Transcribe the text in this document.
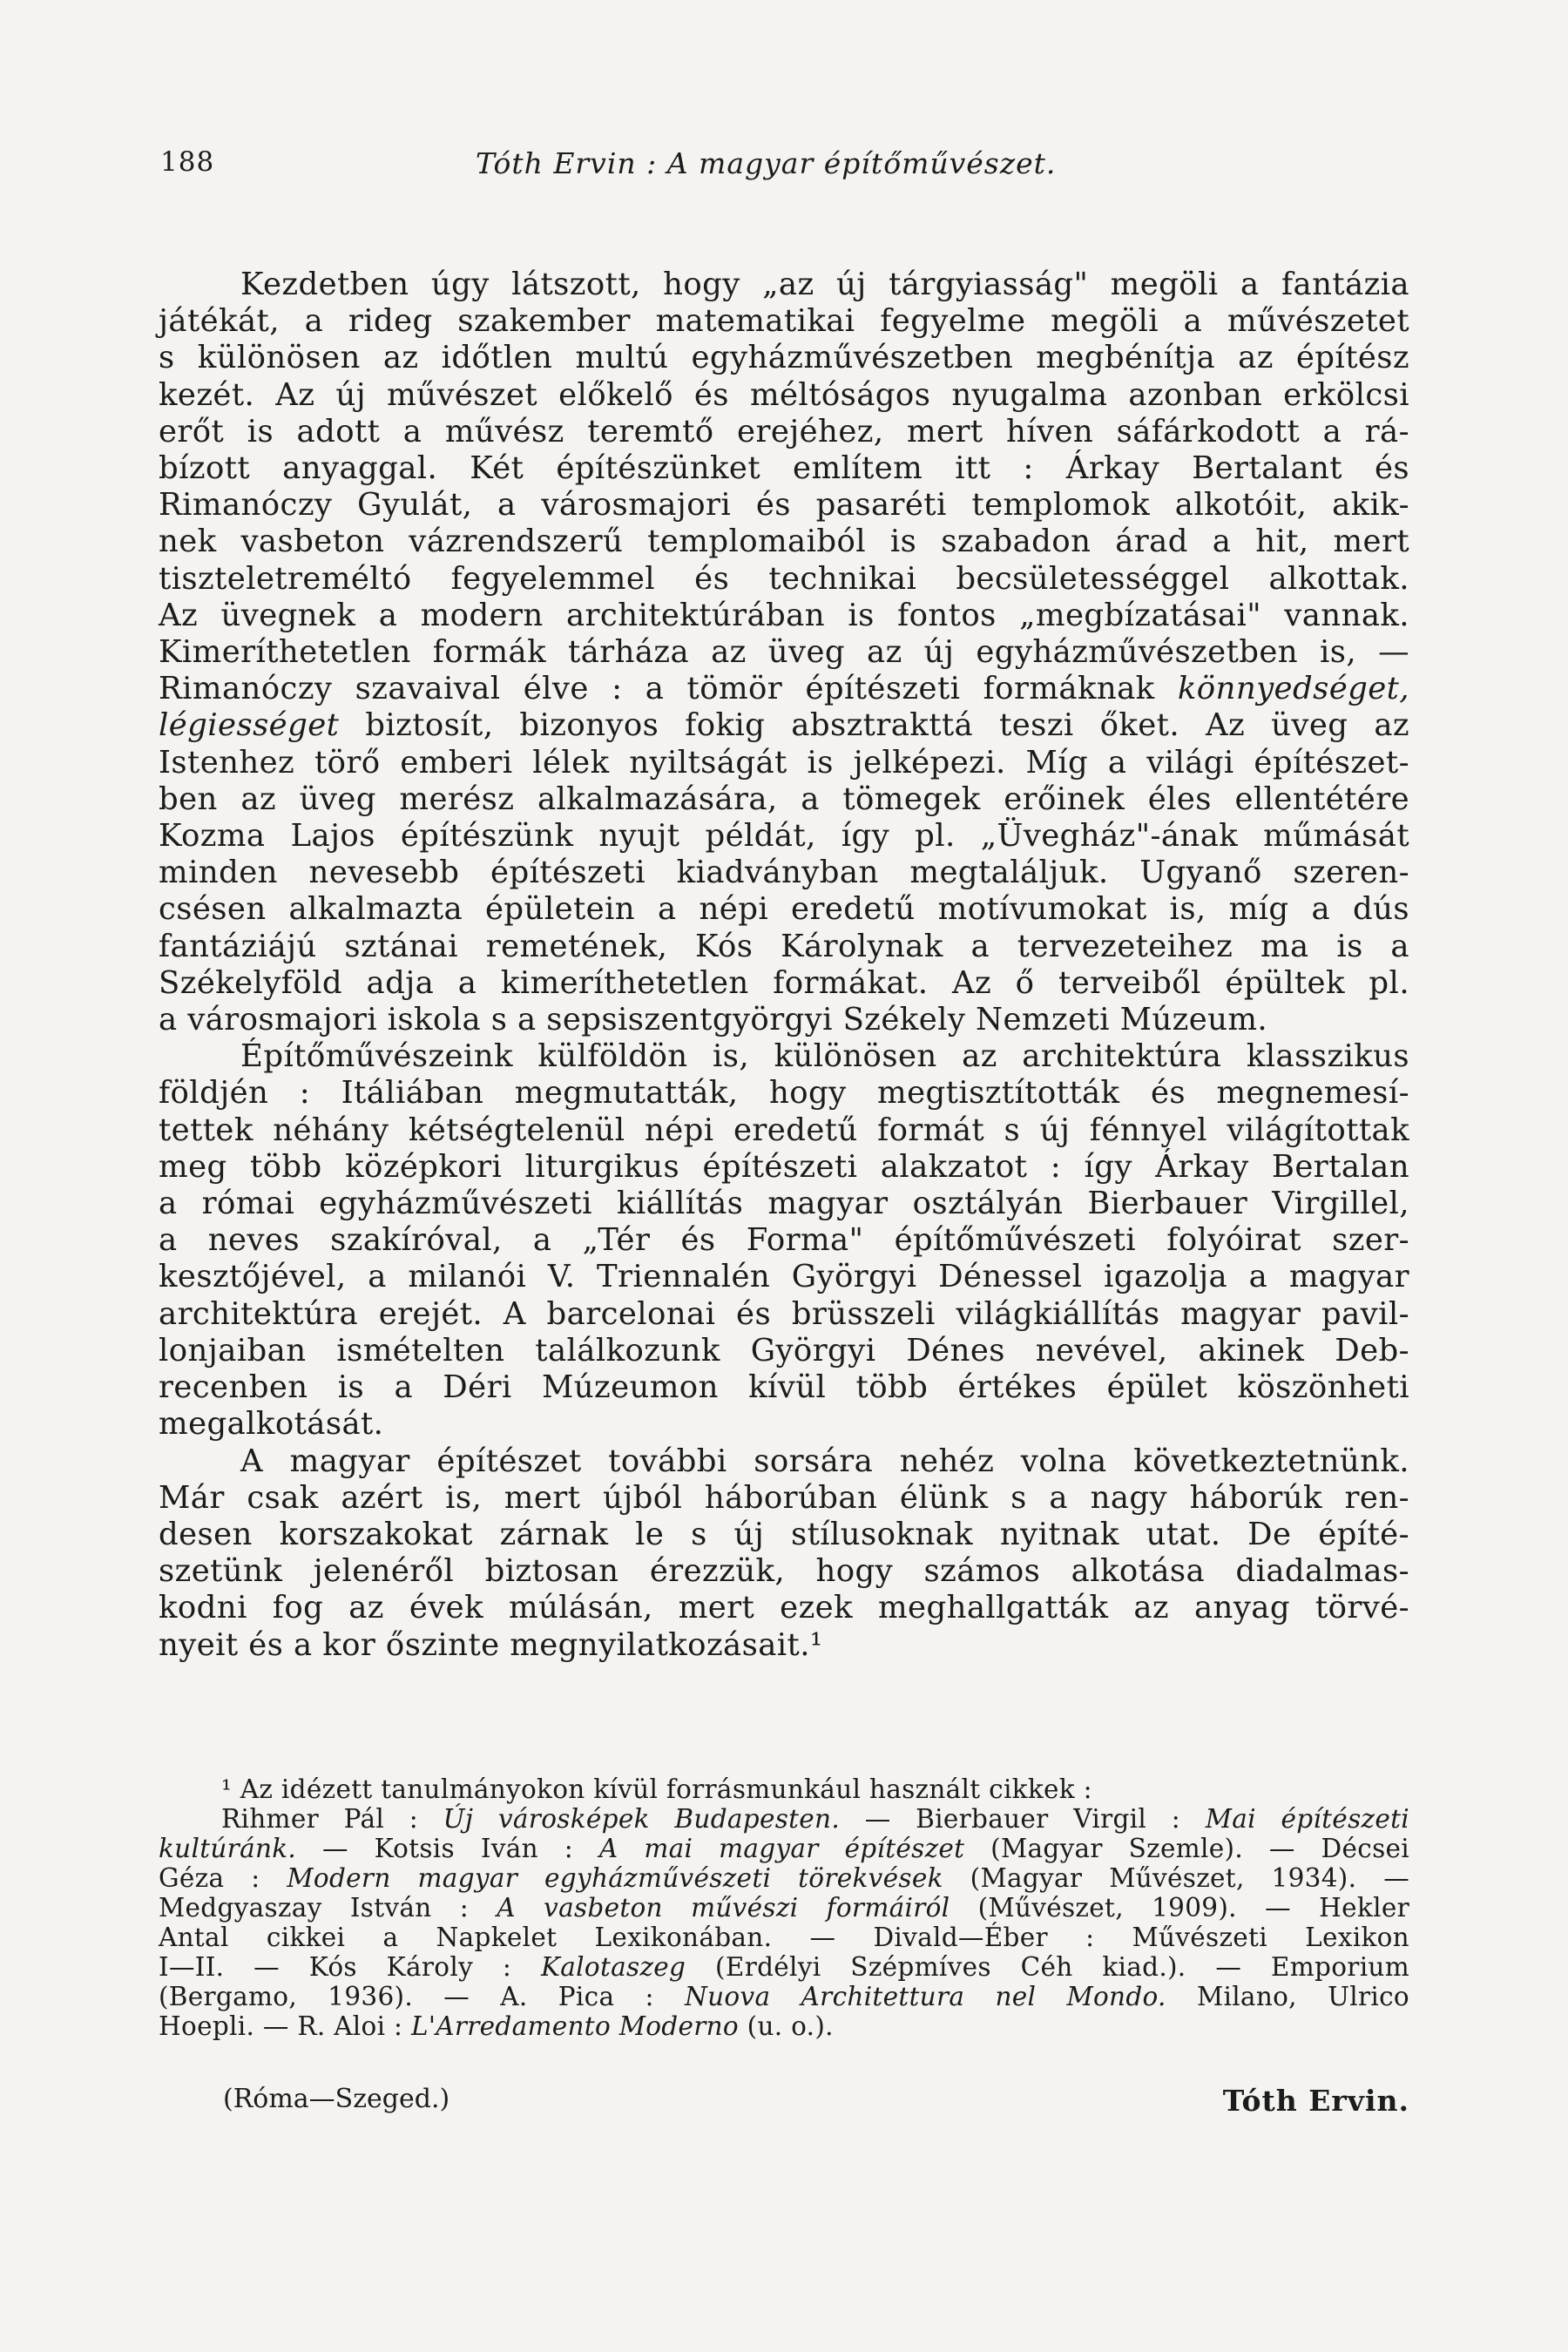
188	Tóth Ervin : A magyar építőművészet.
Kezdetben úgy látszott, hogy „az új tárgyiasság" megöli a fantázia
játékát, a rideg szakember matematikai fegyelme megöli a művészetet
s különösen az időtlen multú egyházművészetben megbénítja az építész
kezét. Az új művészet előkelő és méltóságos nyugalma azonban erkölcsi
erőt is adott a művész teremtő erejéhez, mert híven sáfárkodott a rá-
bízott anyaggal. Két építészünket említem itt : Árkay Bertalant és
Rimanóczy Gyulát, a városmajori és pasaréti templomok alkotóit, akik-
nek vasbeton vázrendszerű templomaiból is szabadon árad a hit, mert
tiszteletreméltó fegyelemmel és technikai becsületességgel alkottak.
Az üvegnek a modern architektúrában is fontos „megbízatásai" vannak.
Kimeríthetetlen formák tárháza az üveg az új egyházművészetben is, —
Rimanóczy szavaival élve : a tömör építészeti formáknak könnyedséget,
légiességet biztosít, bizonyos fokig absztrakttá teszi őket. Az üveg az
Istenhez törő emberi lélek nyiltságát is jelképezi. Míg a világi építészet-
ben az üveg merész alkalmazására, a tömegek erőinek éles ellentétére
Kozma Lajos építészünk nyujt példát, így pl. „Üvegház"-ának műmását
minden nevesebb építészeti kiadványban megtaláljuk. Ugyanő szeren-
csésen alkalmazta épületein a népi eredetű motívumokat is, míg a dús
fantáziájú sztánai remetének, Kós Károlynak a tervezeteihez ma is a
Székelyföld adja a kimeríthetetlen formákat. Az ő terveiből épültek pl.
a városmajori iskola s a sepsiszentgyörgyi Székely Nemzeti Múzeum.
Építőművészeink külföldön is, különösen az architektúra klasszikus
földjén : Itáliában megmutatták, hogy megtisztították és megnemesí-
tettek néhány kétségtelenül népi eredetű formát s új fénnyel világítottak
meg több középkori liturgikus építészeti alakzatot : így Árkay Bertalan
a római egyházművészeti kiállítás magyar osztályán Bierbauer Virgillel,
a neves szakíróval, a „Tér és Forma" építőművészeti folyóirat szer-
kesztőjével, a milanói V. Triennalén Györgyi Dénessel igazolja a magyar
architektúra erejét. A barcelonai és brüsszeli világkiállítás magyar pavil-
lonjaiban ismételten találkozunk Györgyi Dénes nevével, akinek Deb-
recenben is a Déri Múzeumon kívül több értékes épület köszönheti
megalkotását.
A magyar építészet további sorsára nehéz volna következtetnünk.
Már csak azért is, mert újból háborúban élünk s a nagy háborúk ren-
desen korszakokat zárnak le s új stílusoknak nyitnak utat. De építé-
szetünk jelenéről biztosan érezzük, hogy számos alkotása diadalmas-
kodni fog az évek múlásán, mert ezek meghallgatták az anyag törvé-
nyeit és a kor őszinte megnyilatkozásait.¹
¹ Az idézett tanulmányokon kívül forrásmunkául használt cikkek :
Rihmer Pál : Új városképek Budapesten. — Bierbauer Virgil : Mai építészeti
kultúránk. — Kotsis Iván : A mai magyar építészet (Magyar Szemle). — Décsei
Géza : Modern magyar egyházművészeti törekvések (Magyar Művészet, 1934). —
Medgyaszay István : A vasbeton művészi formáiról (Művészet, 1909). — Hekler
Antal cikkei a Napkelet Lexikonában. — Divald—Éber : Művészeti Lexikon
I—II. — Kós Károly : Kalotaszeg (Erdélyi Szépmíves Céh kiad.). — Emporium
(Bergamo, 1936). — A. Pica : Nuova Architettura nel Mondo. Milano, Ulrico
Hoepli. — R. Aloi : L'Arredamento Moderno (u. o.).
(Róma—Szeged.)	Tóth Ervin.
